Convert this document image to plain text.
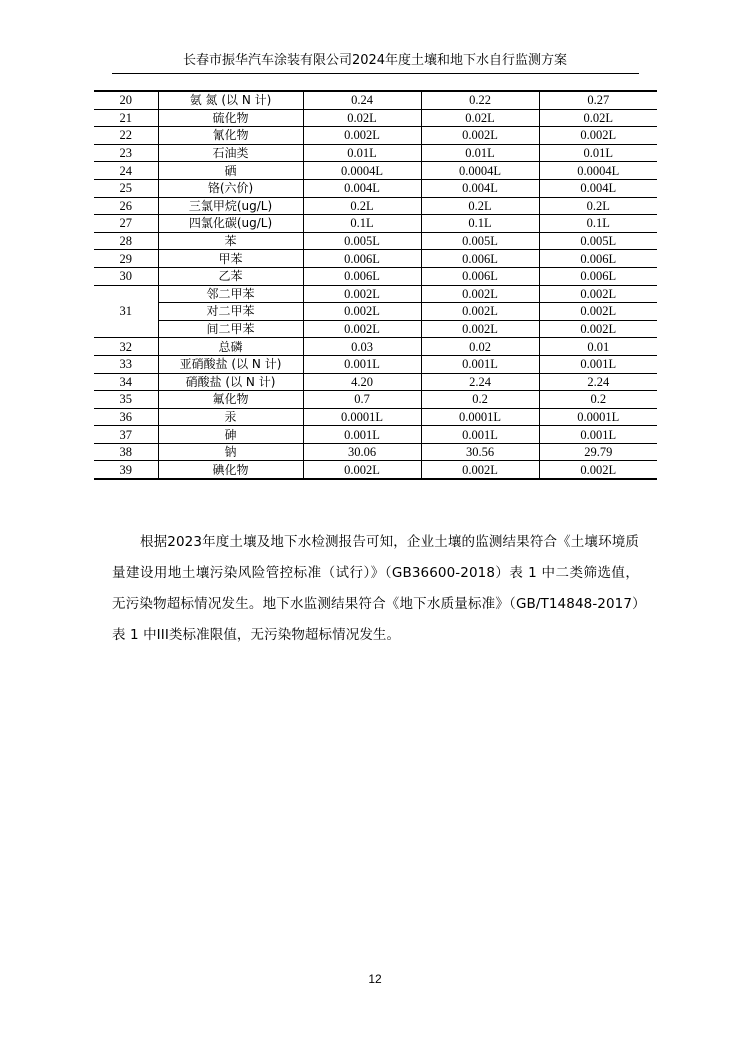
长春市振华汽车涂装有限公司2024年度土壤和地下水自行监测方案
20	氨 氮 (以 N 计)	0.24	0.22	0.27
21	硫化物	0.02L	0.02L	0.02L
22	氰化物	0.002L	0.002L	0.002L
23	石油类	0.01L	0.01L	0.01L
24	硒	0.0004L	0.0004L	0.0004L
25	铬(六价)	0.004L	0.004L	0.004L
26	三氯甲烷(ug/L)	0.2L	0.2L	0.2L
27	四氯化碳(ug/L)	0.1L	0.1L	0.1L
28	苯	0.005L	0.005L	0.005L
29	甲苯	0.006L	0.006L	0.006L
30	乙苯	0.006L	0.006L	0.006L
31	邻二甲苯	0.002L	0.002L	0.002L
	对二甲苯	0.002L	0.002L	0.002L
	间二甲苯	0.002L	0.002L	0.002L
32	总磷	0.03	0.02	0.01
33	亚硝酸盐 (以 N 计)	0.001L	0.001L	0.001L
34	硝酸盐 (以 N 计)	4.20	2.24	2.24
35	氟化物	0.7	0.2	0.2
36	汞	0.0001L	0.0001L	0.0001L
37	砷	0.001L	0.001L	0.001L
38	钠	30.06	30.56	29.79
39	碘化物	0.002L	0.002L	0.002L

根据2023年度土壤及地下水检测报告可知，企业土壤的监测结果符合《土壤环境质量建设用地土壤污染风险管控标准（试行）》（GB36600-2018）表 1 中二类筛选值，无污染物超标情况发生。地下水监测结果符合《地下水质量标准》（GB/T14848-2017）表 1 中III类标准限值，无污染物超标情况发生。

12
